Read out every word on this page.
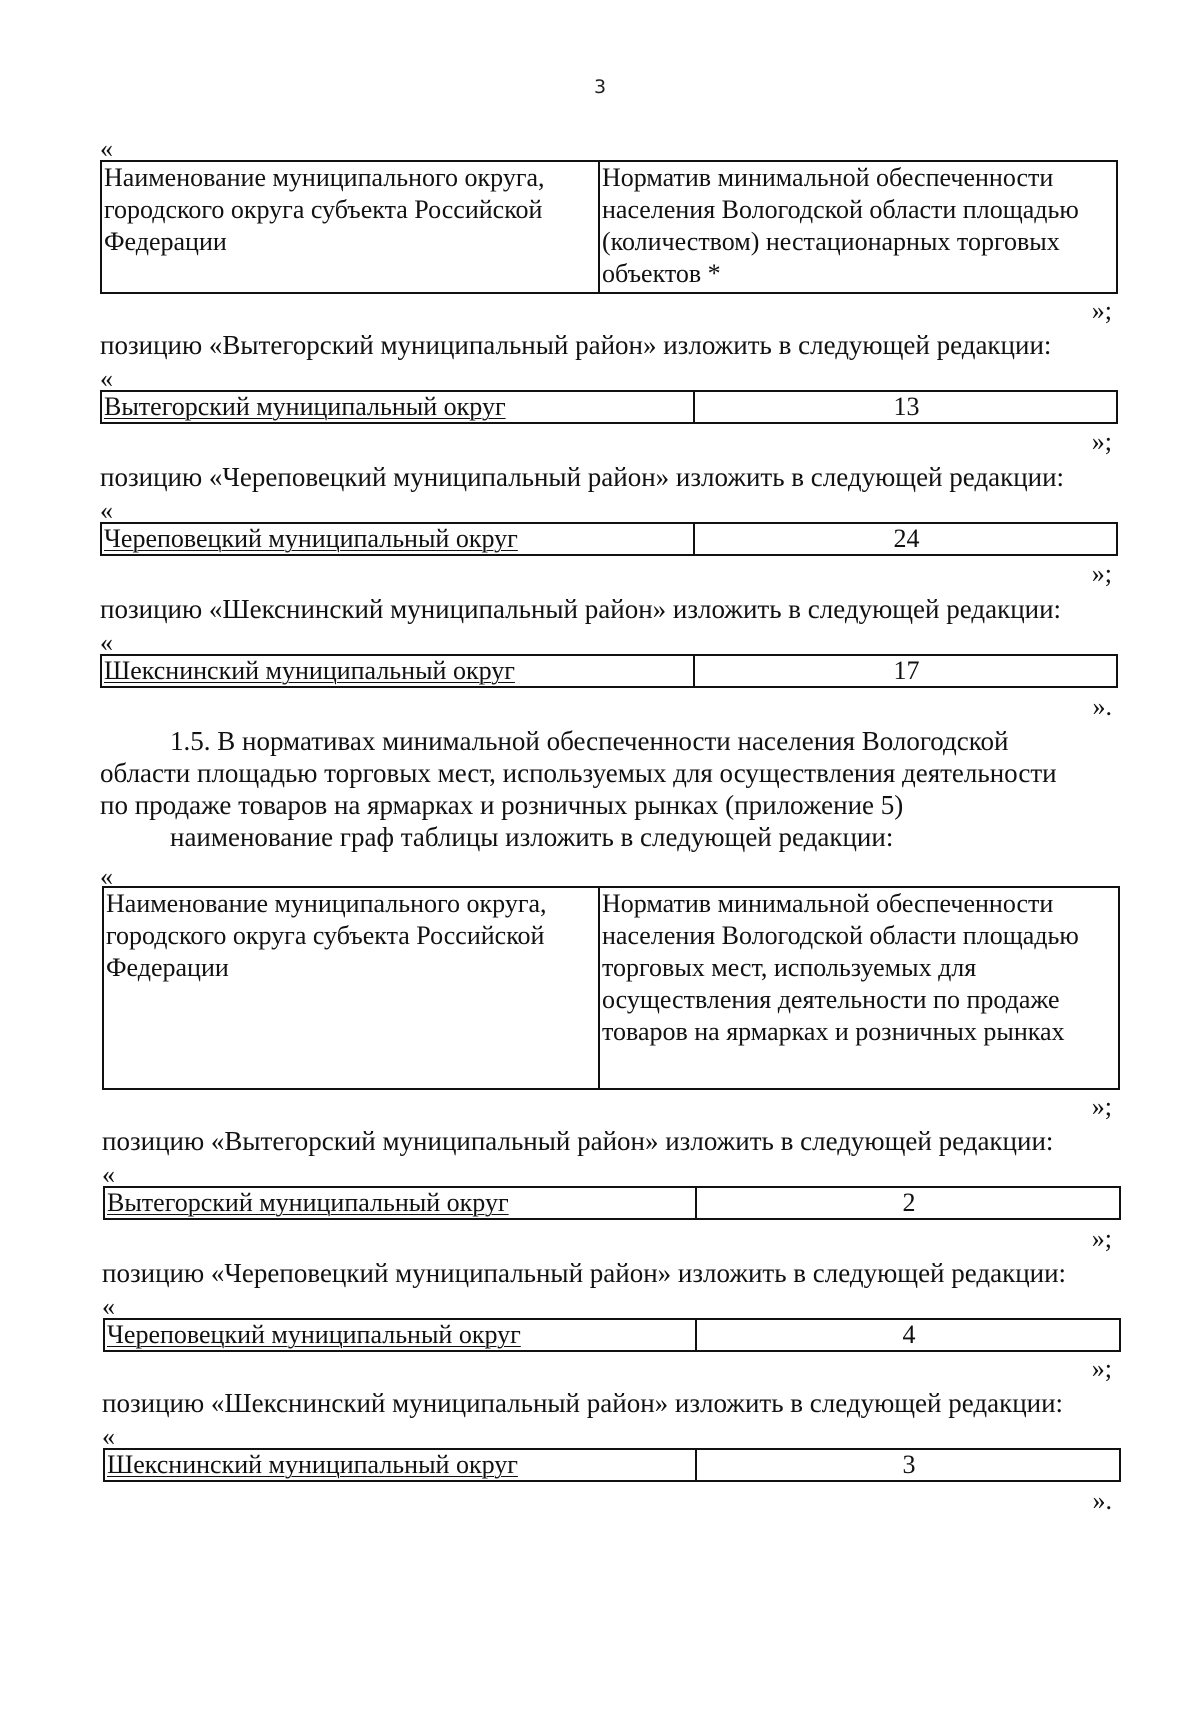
3
«
Наименование муниципального округа, городского округа субъекта Российской Федерации	Норматив минимальной обеспеченности населения Вологодской области площадью (количеством) нестационарных торговых объектов *
»;
позицию «Вытегорский муниципальный район» изложить в следующей редакции:
«
Вытегорский муниципальный округ	13
»;
позицию «Череповецкий муниципальный район» изложить в следующей редакции:
«
Череповецкий муниципальный округ	24
»;
позицию «Шекснинский муниципальный район» изложить в следующей редакции:
«
Шекснинский муниципальный округ	17
».
1.5. В нормативах минимальной обеспеченности населения Вологодской
области площадью торговых мест, используемых для осуществления деятельности
по продаже товаров на ярмарках и розничных рынках (приложение 5)
наименование граф таблицы изложить в следующей редакции:
«
Наименование муниципального округа, городского округа субъекта Российской Федерации	Норматив минимальной обеспеченности населения Вологодской области площадью торговых мест, используемых для осуществления деятельности по продаже товаров на ярмарках и розничных рынках
»;
позицию «Вытегорский муниципальный район» изложить в следующей редакции:
«
Вытегорский муниципальный округ	2
»;
позицию «Череповецкий муниципальный район» изложить в следующей редакции:
«
Череповецкий муниципальный округ	4
»;
позицию «Шекснинский муниципальный район» изложить в следующей редакции:
«
Шекснинский муниципальный округ	3
».
